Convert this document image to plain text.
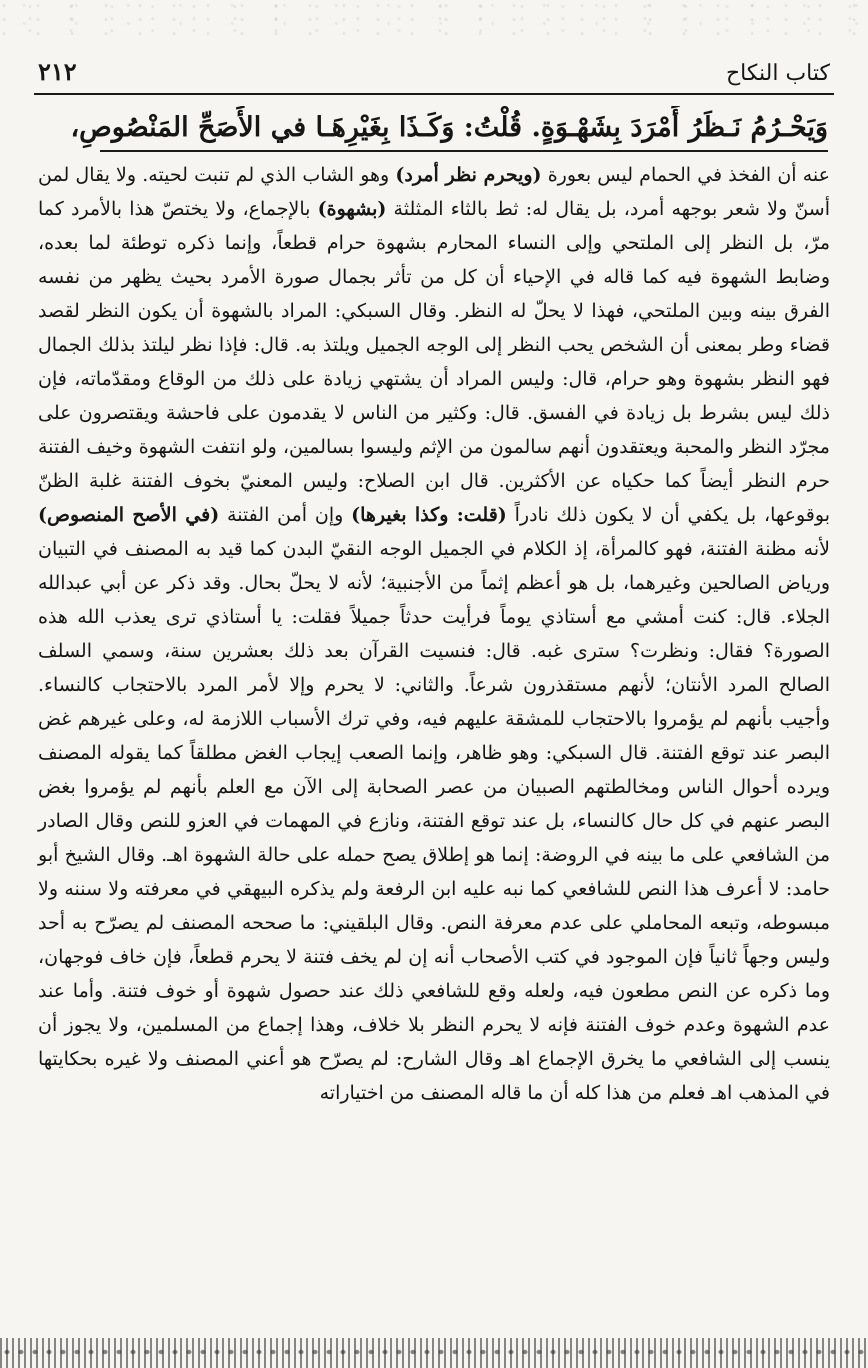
كتاب النكاح
٢١٢
وَيَحْـرُمُ نَـظَرُ أَمْرَدَ بِشَهْـوَةٍ. قُلْتُ: وَكَـذَا بِغَيْرِهَـا في الأَصَحِّ المَنْصُوصِ،

عنه أن الفخذ في الحمام ليس بعورة (ويحرم نظر أمرد) وهو الشاب الذي لم تنبت لحيته. ولا يقال لمن أسنّ ولا شعر بوجهه أمرد، بل يقال له: ثط بالثاء المثلثة (بشهوة) بالإجماع، ولا يختصّ هذا بالأمرد كما مرّ، بل النظر إلى الملتحي وإلى النساء المحارم بشهوة حرام قطعاً، وإنما ذكره توطئة لما بعده، وضابط الشهوة فيه كما قاله في الإحياء أن كل من تأثر بجمال صورة الأمرد بحيث يظهر من نفسه الفرق بينه وبين الملتحي، فهذا لا يحلّ له النظر. وقال السبكي: المراد بالشهوة أن يكون النظر لقصد قضاء وطر بمعنى أن الشخص يحب النظر إلى الوجه الجميل ويلتذ به. قال: فإذا نظر ليلتذ بذلك الجمال فهو النظر بشهوة وهو حرام، قال: وليس المراد أن يشتهي زيادة على ذلك من الوقاع ومقدّماته، فإن ذلك ليس بشرط بل زيادة في الفسق. قال: وكثير من الناس لا يقدمون على فاحشة ويقتصرون على مجرّد النظر والمحبة ويعتقدون أنهم سالمون من الإثم وليسوا بسالمين، ولو انتفت الشهوة وخيف الفتنة حرم النظر أيضاً كما حكياه عن الأكثرين. قال ابن الصلاح: وليس المعنيّ بخوف الفتنة غلبة الظنّ بوقوعها، بل يكفي أن لا يكون ذلك نادراً (قلت: وكذا بغيرها) وإن أمن الفتنة (في الأصح المنصوص) لأنه مظنة الفتنة، فهو كالمرأة، إذ الكلام في الجميل الوجه النقيّ البدن كما قيد به المصنف في التبيان ورياض الصالحين وغيرهما، بل هو أعظم إثماً من الأجنبية؛ لأنه لا يحلّ بحال. وقد ذكر عن أبي عبدالله الجلاء. قال: كنت أمشي مع أستاذي يوماً فرأيت حدثاً جميلاً فقلت: يا أستاذي ترى يعذب الله هذه الصورة؟ فقال: ونظرت؟ سترى غبه. قال: فنسيت القرآن بعد ذلك بعشرين سنة، وسمي السلف الصالح المرد الأنتان؛ لأنهم مستقذرون شرعاً. والثاني: لا يحرم وإلا لأمر المرد بالاحتجاب كالنساء. وأجيب بأنهم لم يؤمروا بالاحتجاب للمشقة عليهم فيه، وفي ترك الأسباب اللازمة له، وعلى غيرهم غض البصر عند توقع الفتنة. قال السبكي: وهو ظاهر، وإنما الصعب إيجاب الغض مطلقاً كما يقوله المصنف ويرده أحوال الناس ومخالطتهم الصبيان من عصر الصحابة إلى الآن مع العلم بأنهم لم يؤمروا بغض البصر عنهم في كل حال كالنساء، بل عند توقع الفتنة، ونازع في المهمات في العزو للنص وقال الصادر من الشافعي على ما بينه في الروضة: إنما هو إطلاق يصح حمله على حالة الشهوة اهـ. وقال الشيخ أبو حامد: لا أعرف هذا النص للشافعي كما نبه عليه ابن الرفعة ولم يذكره البيهقي في معرفته ولا سننه ولا مبسوطه، وتبعه المحاملي على عدم معرفة النص. وقال البلقيني: ما صححه المصنف لم يصرّح به أحد وليس وجهاً ثانياً فإن الموجود في كتب الأصحاب أنه إن لم يخف فتنة لا يحرم قطعاً، فإن خاف فوجهان، وما ذكره عن النص مطعون فيه، ولعله وقع للشافعي ذلك عند حصول شهوة أو خوف فتنة. وأما عند عدم الشهوة وعدم خوف الفتنة فإنه لا يحرم النظر بلا خلاف، وهذا إجماع من المسلمين، ولا يجوز أن ينسب إلى الشافعي ما يخرق الإجماع اهـ وقال الشارح: لم يصرّح هو أعني المصنف ولا غيره بحكايتها في المذهب اهـ فعلم من هذا كله أن ما قاله المصنف من اختياراته
